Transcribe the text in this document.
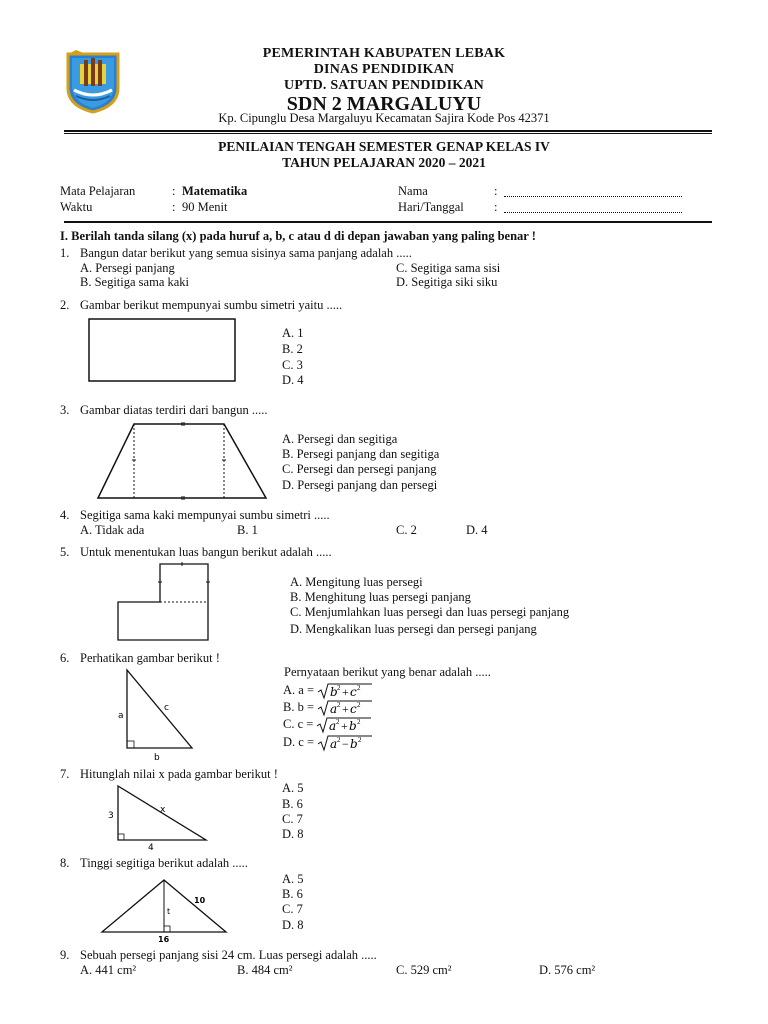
PEMERINTAH KABUPATEN LEBAK
DINAS PENDIDIKAN
UPTD. SATUAN PENDIDIKAN
SDN 2 MARGALUYU
Kp. Cipunglu Desa Margaluyu Kecamatan Sajira Kode Pos 42371
PENILAIAN TENGAH SEMESTER GENAP KELAS IV
TAHUN PELAJARAN 2020 – 2021
Mata Pelajaran	: Matematika
Waktu	: 90 Menit
Nama	:
Hari/Tanggal :
I. Berilah tanda silang (x) pada huruf a, b, c atau d di depan jawaban yang paling benar !
1. Bangun datar berikut yang semua sisinya sama panjang adalah .....
A. Persegi panjang	C. Segitiga sama sisi
B. Segitiga sama kaki	D. Segitiga siki siku
2. Gambar berikut mempunyai sumbu simetri yaitu .....
A. 1
B. 2
C. 3
D. 4
3. Gambar diatas terdiri dari bangun .....
A. Persegi dan segitiga
B. Persegi panjang dan segitiga
C. Persegi dan persegi panjang
D. Persegi panjang dan persegi
4. Segitiga sama kaki mempunyai sumbu simetri .....
A. Tidak ada	B. 1	C. 2	D. 4
5. Untuk menentukan luas bangun berikut adalah .....
A. Mengitung luas persegi
B. Menghitung luas persegi panjang
C. Menjumlahkan luas persegi dan luas persegi panjang
D. Mengkalikan luas persegi dan persegi panjang
6. Perhatikan gambar berikut !
a
c
b
Pernyataan berikut yang benar adalah .....
A. a = b 2 + c 2
B. b = a 2 + c 2
C. c = a 2 + b 2
D. c = a 2 − b 2
7. Hitunglah nilai x pada gambar berikut !
3
x
4
A. 5
B. 6
C. 7
D. 8
8. Tinggi segitiga berikut adalah .....
10
t
16
A. 5
B. 6
C. 7
D. 8
9. Sebuah persegi panjang sisi 24 cm. Luas persegi adalah .....
A. 441 cm²	B. 484 cm²	C. 529 cm²	D. 576 cm²
